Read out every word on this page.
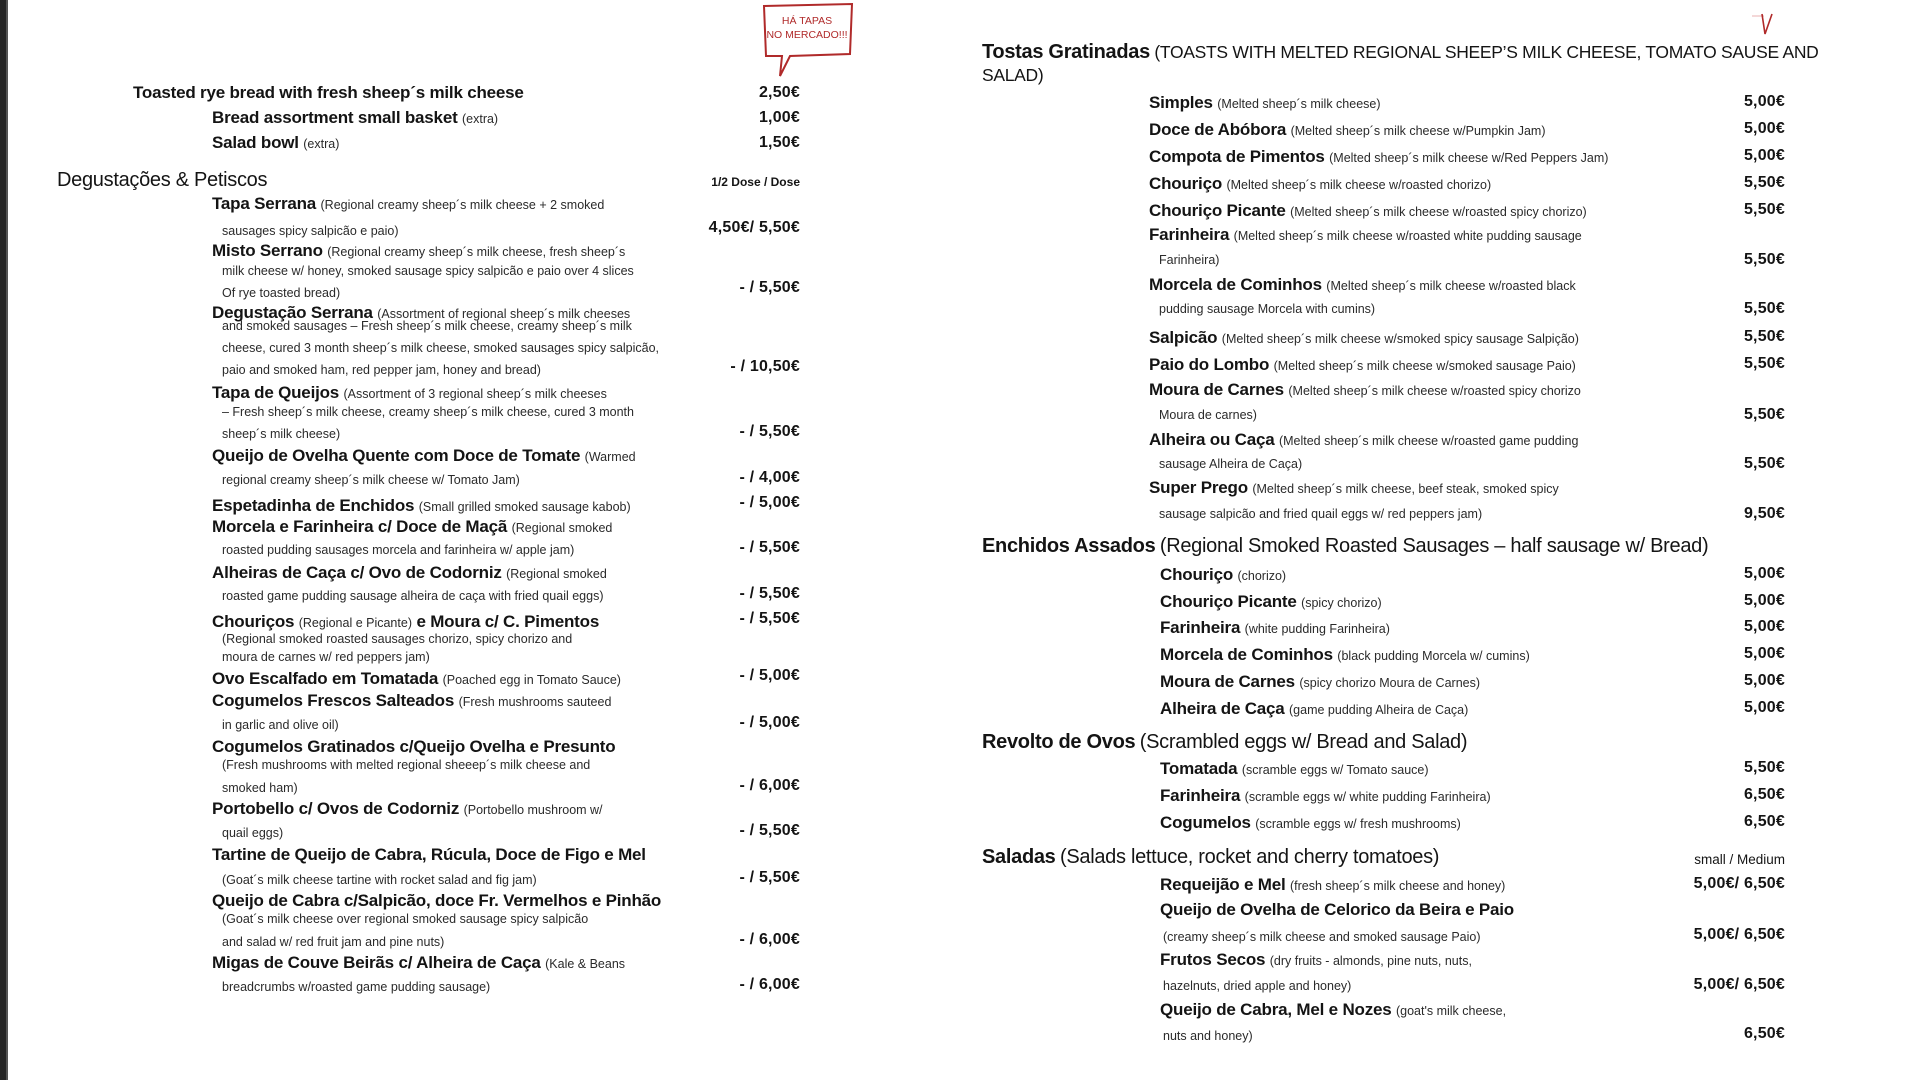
HÁ TAPAS
NO MERCADO!!!
Toasted rye bread with fresh sheep´s milk cheese	2,50€
Bread assortment small basket (extra)	1,00€
Salad bowl (extra)	1,50€
Degustações & Petiscos	1/2 Dose / Dose
Tapa Serrana (Regional creamy sheep´s milk cheese + 2 smoked
sausages spicy salpicão e paio)	4,50€/ 5,50€
Misto Serrano (Regional creamy sheep´s milk cheese, fresh sheep´s
milk cheese w/ honey, smoked sausage spicy salpicão e paio over 4 slices
Of rye toasted bread)	- / 5,50€
Degustação Serrana (Assortment of regional sheep´s milk cheeses
and smoked sausages – Fresh sheep´s milk cheese, creamy sheep´s milk
cheese, cured 3 month sheep´s milk cheese, smoked sausages spicy salpicão,
paio and smoked ham, red pepper jam, honey and bread)	- / 10,50€
Tapa de Queijos (Assortment of 3 regional sheep´s milk cheeses
– Fresh sheep´s milk cheese, creamy sheep´s milk cheese, cured 3 month
sheep´s milk cheese)	- / 5,50€
Queijo de Ovelha Quente com Doce de Tomate (Warmed
regional creamy sheep´s milk cheese w/ Tomato Jam)	- / 4,00€
Espetadinha de Enchidos (Small grilled smoked sausage kabob)	- / 5,00€
Morcela e Farinheira c/ Doce de Maçã (Regional smoked
roasted pudding sausages morcela and farinheira w/ apple jam)	- / 5,50€
Alheiras de Caça c/ Ovo de Codorniz (Regional smoked
roasted game pudding sausage alheira de caça with fried quail eggs)	- / 5,50€
Chouriços (Regional e Picante) e Moura c/ C. Pimentos
(Regional smoked roasted sausages chorizo, spicy chorizo and
moura de carnes w/ red peppers jam)
- / 5,50€
Ovo Escalfado em Tomatada (Poached egg in Tomato Sauce)	- / 5,00€
Cogumelos Frescos Salteados (Fresh mushrooms sauteed
in garlic and olive oil)	- / 5,00€
Cogumelos Gratinados c/Queijo Ovelha e Presunto
(Fresh mushrooms with melted regional sheeep´s milk cheese and
smoked ham)	- / 6,00€
Portobello c/ Ovos de Codorniz (Portobello mushroom w/
quail eggs)	- / 5,50€
Tartine de Queijo de Cabra, Rúcula, Doce de Figo e Mel
(Goat´s milk cheese tartine with rocket salad and fig jam)	- / 5,50€
Queijo de Cabra c/Salpicão, doce Fr. Vermelhos e Pinhão
(Goat´s milk cheese over regional smoked sausage spicy salpicão
and salad w/ red fruit jam and pine nuts)	- / 6,00€
Migas de Couve Beirãs c/ Alheira de Caça (Kale & Beans
breadcrumbs w/roasted game pudding sausage)	- / 6,00€
Tostas Gratinadas (TOASTS WITH MELTED REGIONAL SHEEP’S MILK CHEESE, TOMATO SAUSE AND
SALAD)
Simples (Melted sheep´s milk cheese)	5,00€
Doce de Abóbora (Melted sheep´s milk cheese w/Pumpkin Jam)	5,00€
Compota de Pimentos (Melted sheep´s milk cheese w/Red Peppers Jam)	5,00€
Chouriço (Melted sheep´s milk cheese w/roasted chorizo)	5,50€
Chouriço Picante (Melted sheep´s milk cheese w/roasted spicy chorizo)	5,50€
Farinheira (Melted sheep´s milk cheese w/roasted white pudding sausage
Farinheira)	5,50€
Morcela de Cominhos (Melted sheep´s milk cheese w/roasted black
pudding sausage Morcela with cumins)	5,50€
Salpicão (Melted sheep´s milk cheese w/smoked spicy sausage Salpição)	5,50€
Paio do Lombo (Melted sheep´s milk cheese w/smoked sausage Paio)	5,50€
Moura de Carnes (Melted sheep´s milk cheese w/roasted spicy chorizo
Moura de carnes)	5,50€
Alheira ou Caça (Melted sheep´s milk cheese w/roasted game pudding
sausage Alheira de Caça)	5,50€
Super Prego (Melted sheep´s milk cheese, beef steak, smoked spicy
sausage salpicão and fried quail eggs w/ red peppers jam)	9,50€
Enchidos Assados (Regional Smoked Roasted Sausages – half sausage w/ Bread)
Chouriço (chorizo)	5,00€
Chouriço Picante (spicy chorizo)	5,00€
Farinheira (white pudding Farinheira)	5,00€
Morcela de Cominhos (black pudding Morcela w/ cumins)	5,00€
Moura de Carnes (spicy chorizo Moura de Carnes)	5,00€
Alheira de Caça (game pudding Alheira de Caça)	5,00€
Revolto de Ovos (Scrambled eggs w/ Bread and Salad)
Tomatada (scramble eggs w/ Tomato sauce)	5,50€
Farinheira (scramble eggs w/ white pudding Farinheira)	6,50€
Cogumelos (scramble eggs w/ fresh mushrooms)	6,50€
Saladas (Salads lettuce, rocket and cherry tomatoes)	small / Medium
Requeijão e Mel (fresh sheep´s milk cheese and honey)	5,00€/ 6,50€
Queijo de Ovelha de Celorico da Beira e Paio
(creamy sheep´s milk cheese and smoked sausage Paio)	5,00€/ 6,50€
Frutos Secos (dry fruits - almonds, pine nuts, nuts,
hazelnuts, dried apple and honey)	5,00€/ 6,50€
Queijo de Cabra, Mel e Nozes (goat's milk cheese,
nuts and honey)	6,50€
